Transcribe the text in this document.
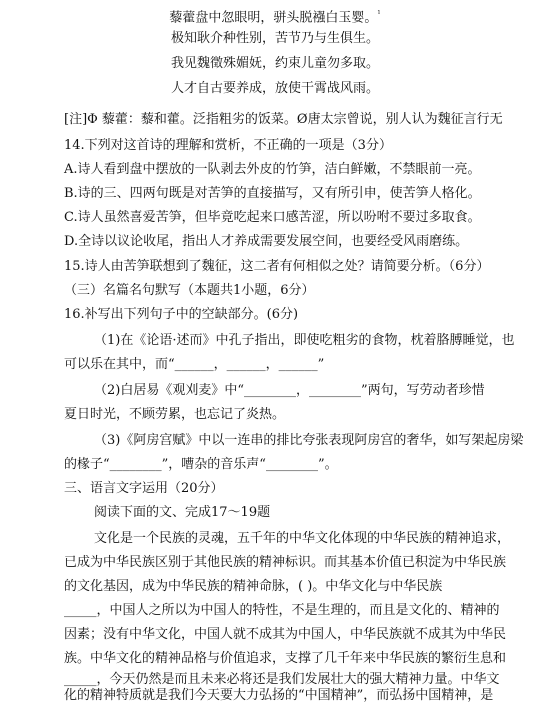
藜藿盘中忽眼明，骈头脱襁白玉婴。$^{^1}$
极知耿介种性别，苦节乃与生俱生。
我见魏徵殊媚妩，约束儿童勿多取。
人才自古要养成，放使干霄战风雨。
[注]Φ 藜藿：藜和藿。泛指粗劣的饭菜。Ø唐太宗曾说，别人认为魏征言行无
14.下列对这首诗的理解和赏析，不正确的一项是（3分）
A.诗人看到盘中摆放的一队剥去外皮的竹笋，洁白鲜嫩，不禁眼前一亮。
B.诗的三、四两句既是对苦笋的直接描写，又有所引申，使苦笋人格化。
C.诗人虽然喜爱苦笋，但毕竟吃起来口感苦涩，所以吩咐不要过多取食。
D.全诗以议论收尾，指出人才养成需要发展空间，也要经受风雨磨练。
15.诗人由苦笋联想到了魏征，这二者有何相似之处？请简要分析。（6分）
（三）名篇名句默写（本题共1小题，6分）
16.补写出下列句子中的空缺部分。(6分)
（1)在《论语·述而》中孔子指出，即使吃粗劣的食物，枕着胳膊睡觉，也
可以乐在其中，而“______，______，______”
（2)白居易《观刈麦》中“________，________”两句，写劳动者珍惜
夏日时光，不顾劳累，也忘记了炎热。
（3)《阿房宫赋》中以一连串的排比夸张表现阿房宫的奢华，如写架起房梁
的椽子“________”，嘈杂的音乐声“________”。
三、语言文字运用（20分）
阅读下面的文、完成17～19题
文化是一个民族的灵魂，五千年的中华文化体现的中华民族的精神追求，
已成为中华民族区别于其他民族的精神标识。而其基本价值已积淀为中华民族
的文化基因，成为中华民族的精神命脉，( )。中华文化与中华民族
_____，中国人之所以为中国人的特性，不是生理的，而且是文化的、精神的
因素；没有中华文化，中国人就不成其为中国人，中华民族就不成其为中华民
族。中华文化的精神品格与价值追求，支撑了几千年来中华民族的繁衍生息和
_____，今天仍然是而且未来必将还是我们发展壮大的强大精神力量。中华文
化的精神特质就是我们今天要大力弘扬的“中国精神”，而弘扬中国精神，是
